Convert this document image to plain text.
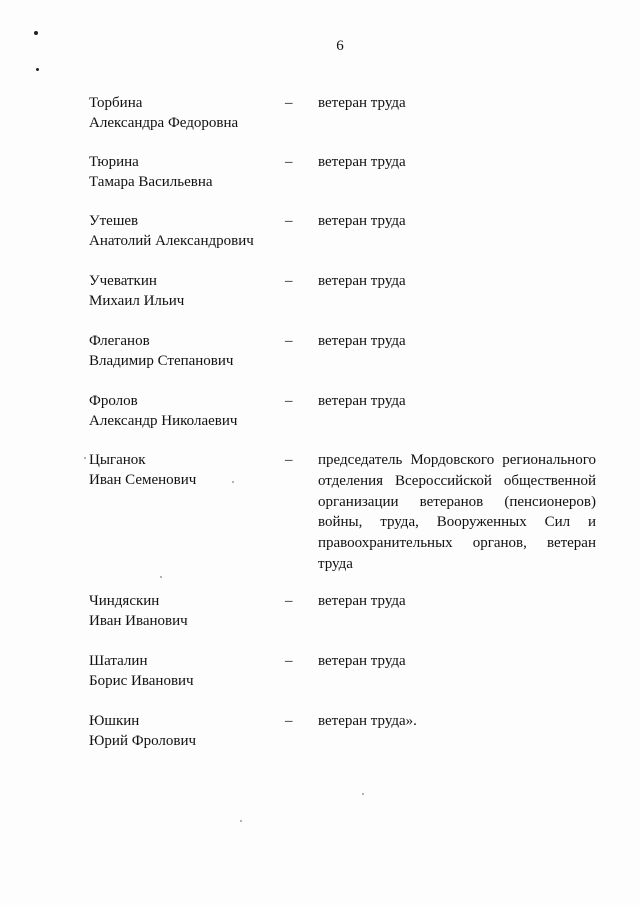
6
Торбина
Александра Федоровна
– ветеран труда
Тюрина
Тамара Васильевна
– ветеран труда
Утешев
Анатолий Александрович
– ветеран труда
Учеваткин
Михаил Ильич
– ветеран труда
Флеганов
Владимир Степанович
– ветеран труда
Фролов
Александр Николаевич
– ветеран труда
Цыганок
Иван Семенович
– председатель Мордовского регионального отделения Всероссийской общественной организации ветеранов (пенсионеров) войны, труда, Вооруженных Сил и правоохранительных органов, ветеран труда
Чиндяскин
Иван Иванович
– ветеран труда
Шаталин
Борис Иванович
– ветеран труда
Юшкин
Юрий Фролович
– ветеран труда».
